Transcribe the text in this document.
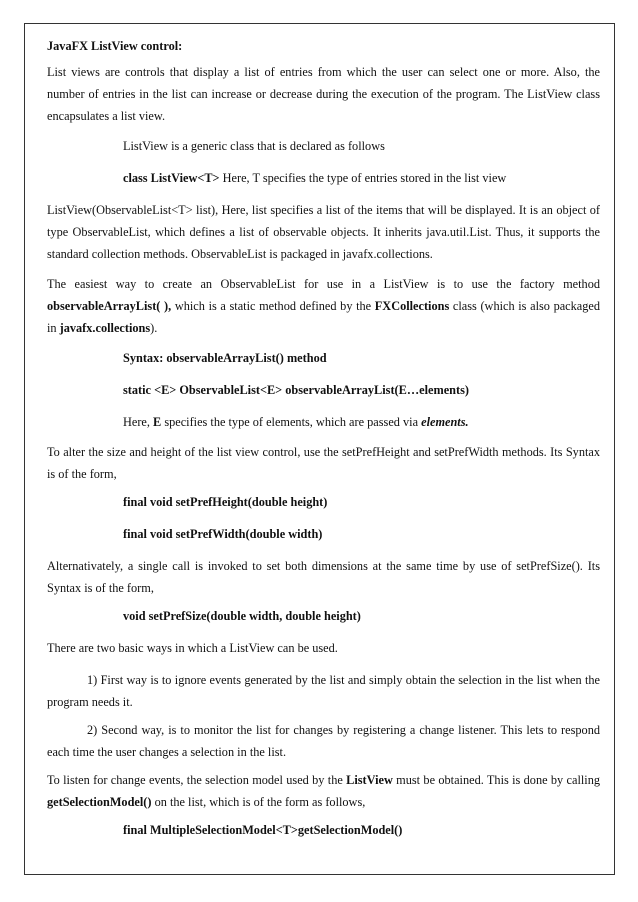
JavaFX ListView control:

List views are controls that display a list of entries from which the user can select one or more. Also, the number of entries in the list can increase or decrease during the execution of the program. The ListView class encapsulates a list view.

ListView is a generic class that is declared as follows

class ListView<T> Here, T specifies the type of entries stored in the list view

ListView(ObservableList<T> list), Here, list specifies a list of the items that will be displayed. It is an object of type ObservableList, which defines a list of observable objects. It inherits java.util.List. Thus, it supports the standard collection methods. ObservableList is packaged in javafx.collections.

The easiest way to create an ObservableList for use in a ListView is to use the factory method observableArrayList( ), which is a static method defined by the FXCollections class (which is also packaged in javafx.collections).

Syntax: observableArrayList() method

static <E> ObservableList<E> observableArrayList(E…elements)

Here, E specifies the type of elements, which are passed via elements.

To alter the size and height of the list view control, use the setPrefHeight and setPrefWidth methods. Its Syntax is of the form,

final void setPrefHeight(double height)

final void setPrefWidth(double width)

Alternativately, a single call is invoked to set both dimensions at the same time by use of setPrefSize(). Its Syntax is of the form,

void setPrefSize(double width, double height)

There are two basic ways in which a ListView can be used.

1) First way is to ignore events generated by the list and simply obtain the selection in the list when the program needs it.

2) Second way, is to monitor the list for changes by registering a change listener. This lets to respond each time the user changes a selection in the list.

To listen for change events, the selection model used by the ListView must be obtained. This is done by calling getSelectionModel() on the list, which is of the form as follows,

final MultipleSelectionModel<T>getSelectionModel()
